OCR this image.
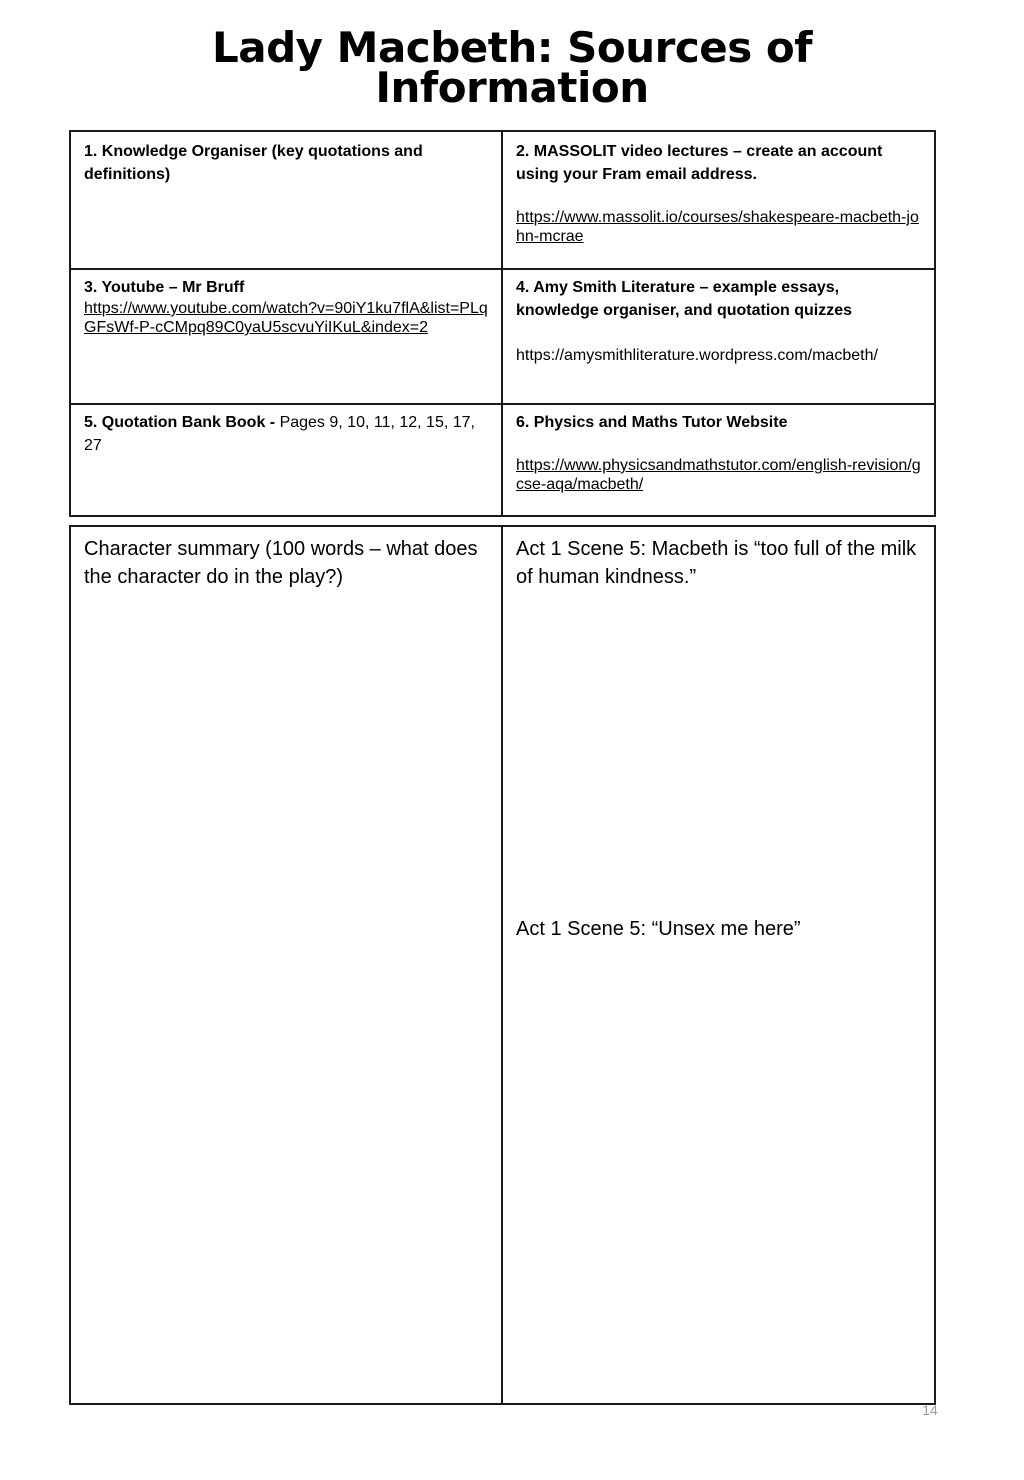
Lady Macbeth: Sources of
Information
1. Knowledge Organiser (key quotations and definitions)	2. MASSOLIT video lectures – create an account using your Fram email address.
https://www.massolit.io/courses/shakespeare-macbeth-john-mcrae

3. Youtube – Mr Bruff
https://www.youtube.com/watch?v=90iY1ku7flA&list=PLqGFsWf-P-cCMpq89C0yaU5scvuYiIKuL&index=2	4. Amy Smith Literature – example essays, knowledge organiser, and quotation quizzes
https://amysmithliterature.wordpress.com/macbeth/

5. Quotation Bank Book - Pages 9, 10, 11, 12, 15, 17, 27	6. Physics and Maths Tutor Website
https://www.physicsandmathstutor.com/english-revision/gcse-aqa/macbeth/
Character summary (100 words – what does the character do in the play?)	Act 1 Scene 5: Macbeth is “too full of the milk of human kindness.”
Act 1 Scene 5: “Unsex me here”
14
